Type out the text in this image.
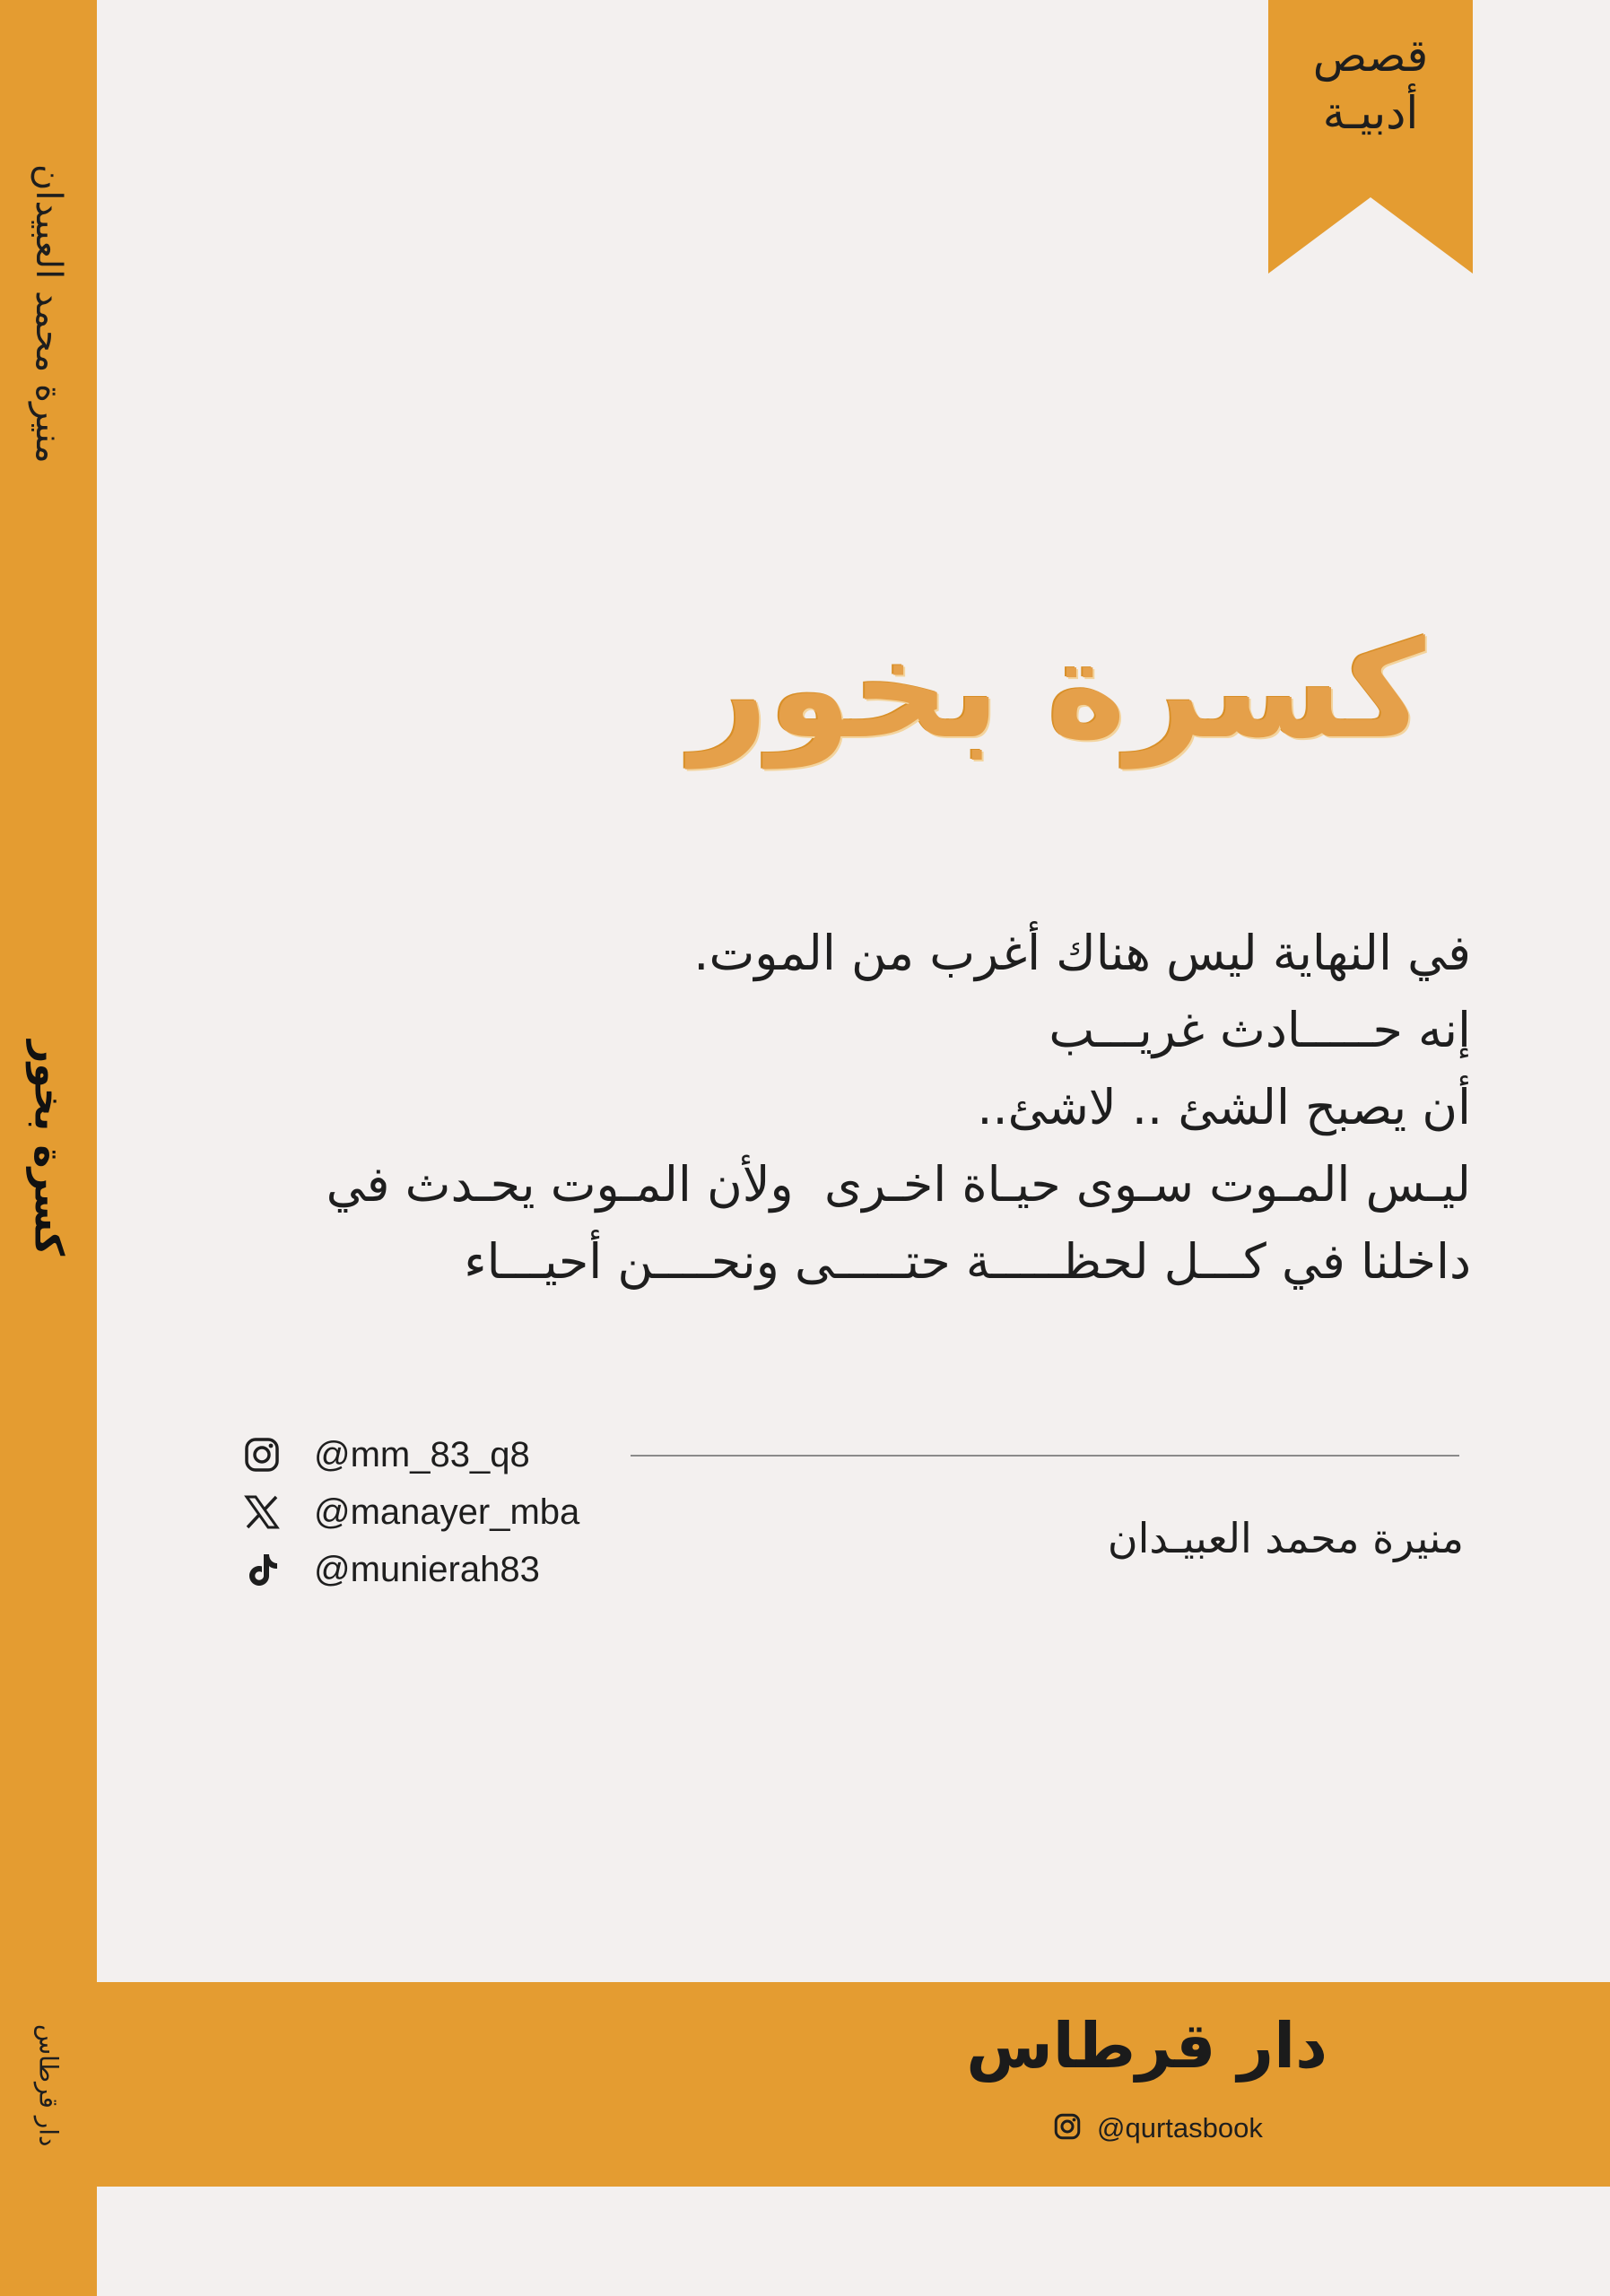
منيرة محمد العبيدان
كسرة بخور
دار قرطاس
قصص
أدبيـة
كسرة بخور
في النهاية ليس هناك أغرب من الموت.
إنه حـــــادث غريـــب
أن يصبح الشئ .. لاشئ..
ليـس المـوت سـوى حيـاة اخـرى  ولأن المـوت يحـدث في
داخلنا في كـــل لحظـــــة حتـــــى ونحــــن أحيـــاء
@mm_83_q8
@manayer_mba
@munierah83
منيرة محمد العبيـدان
دار قرطاس
@qurtasbook
